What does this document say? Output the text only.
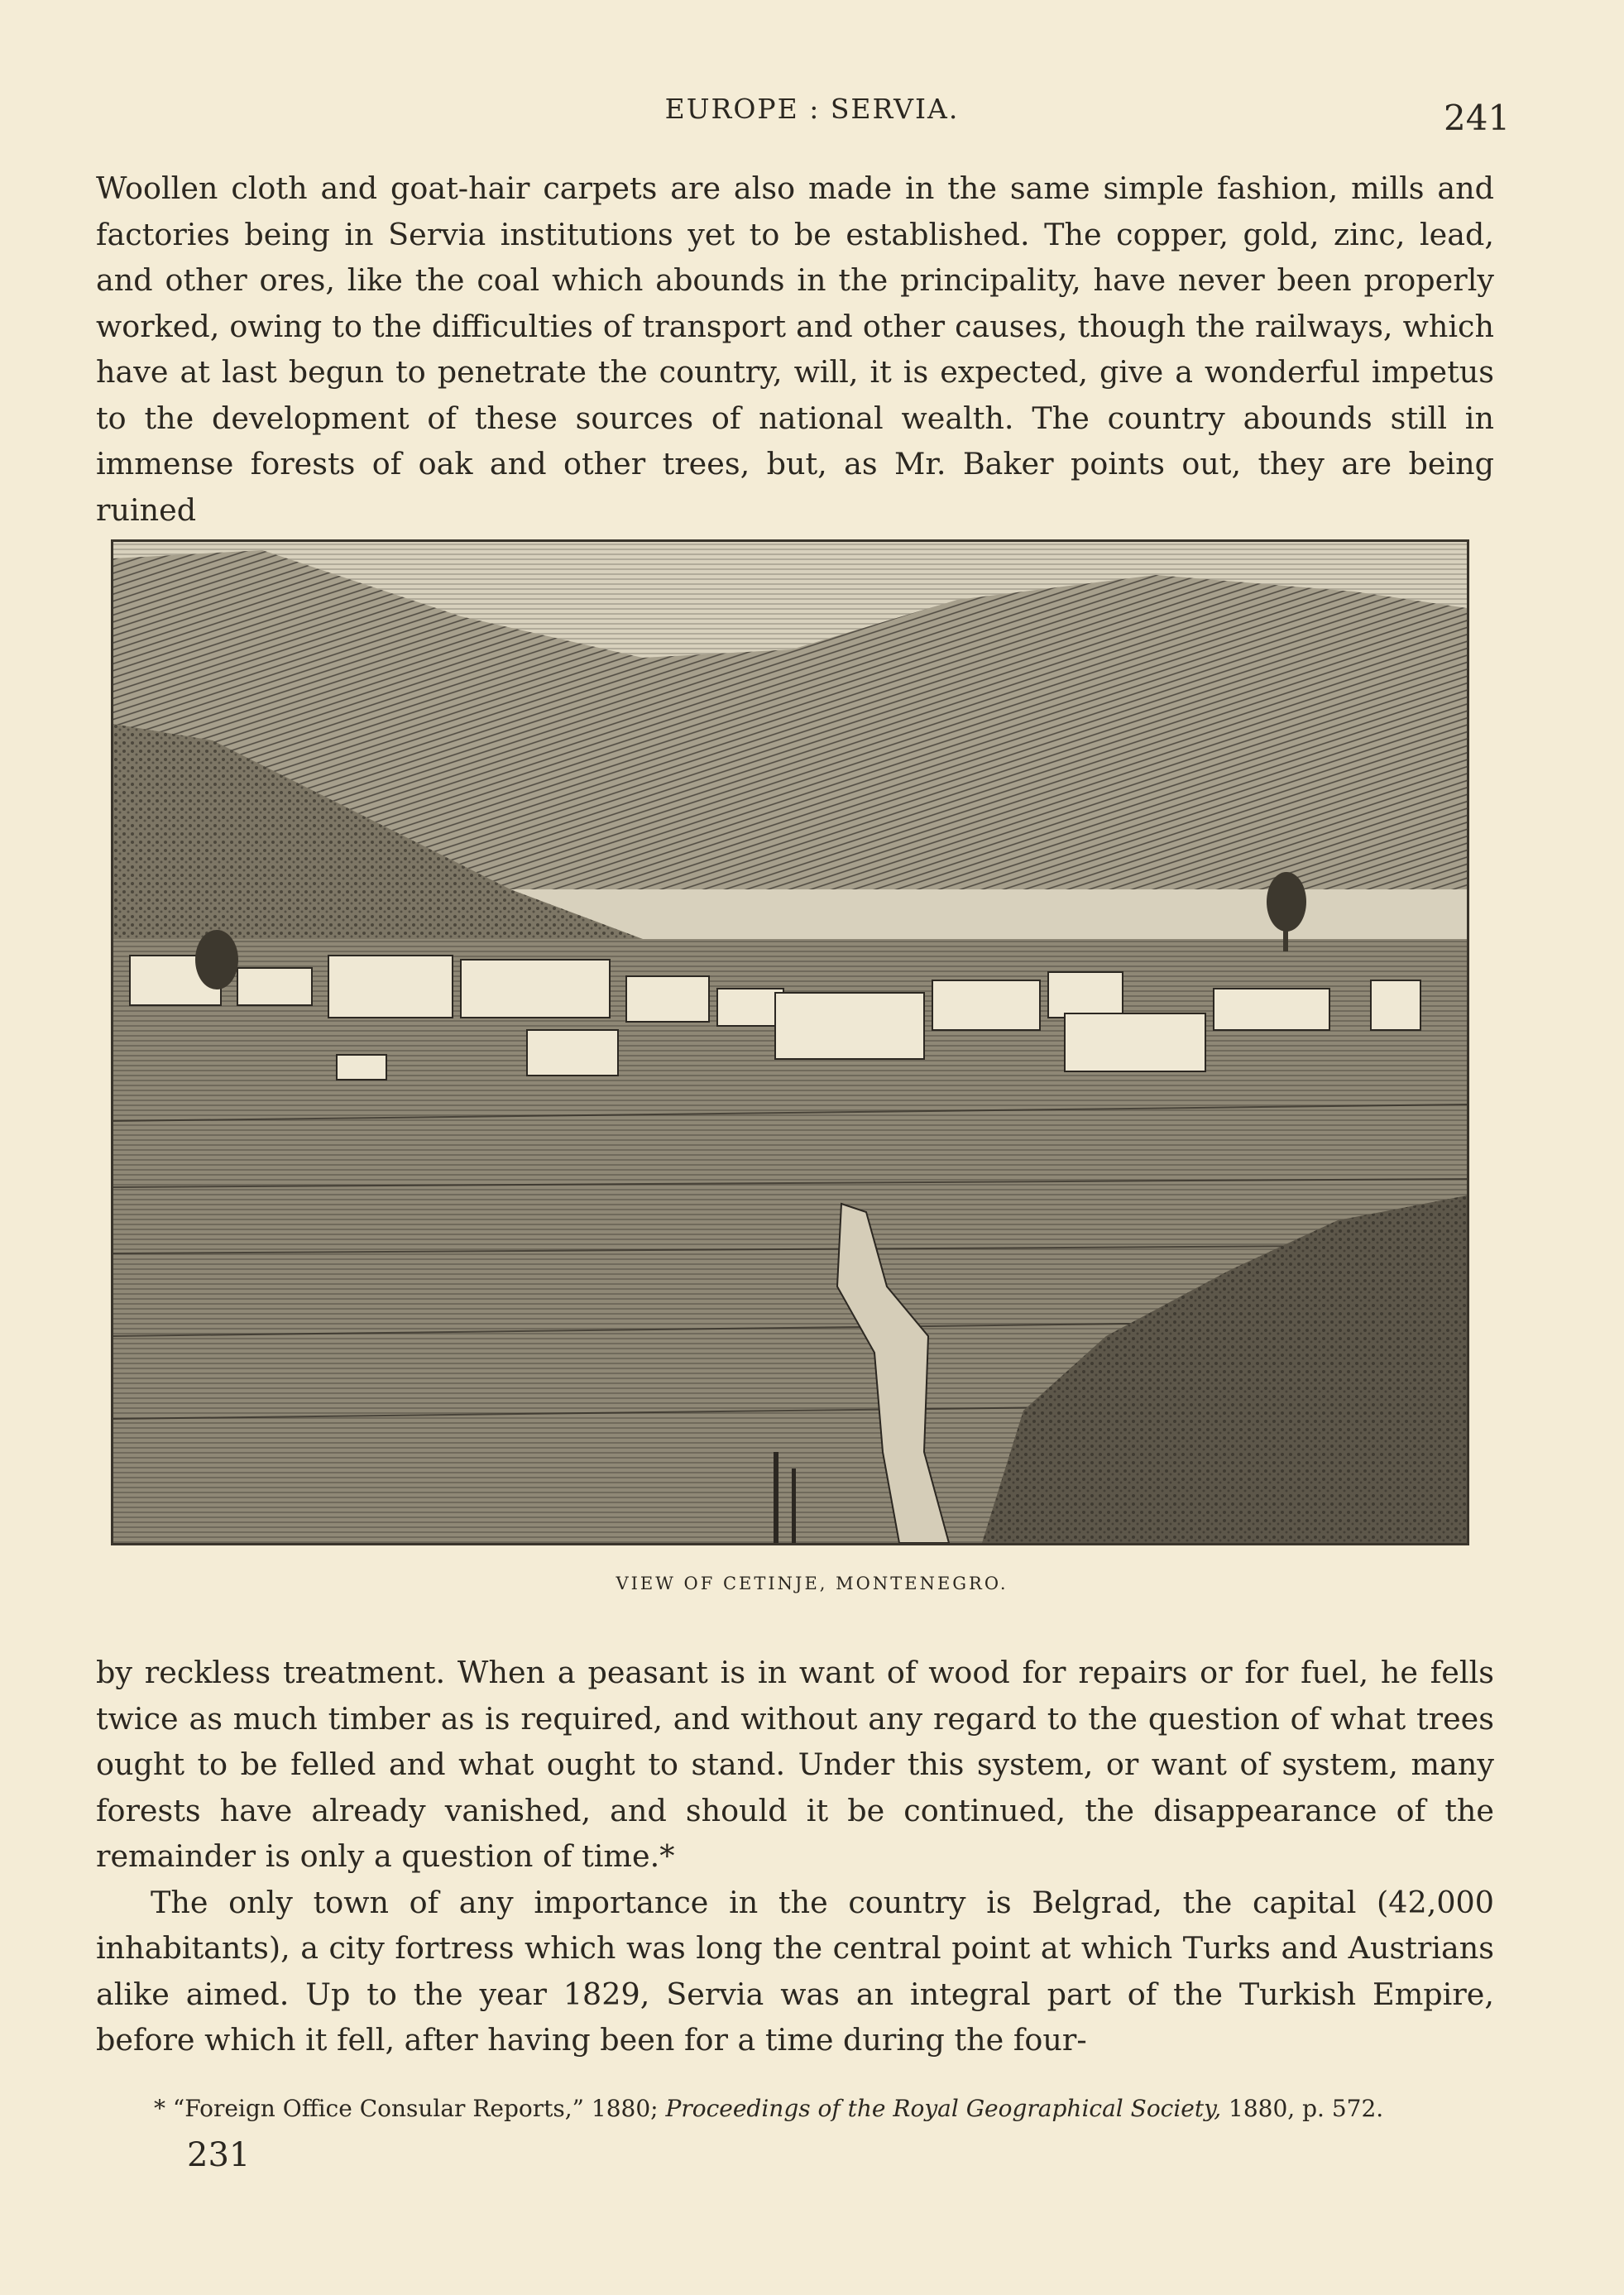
EUROPE : SERVIA.	241

Woollen cloth and goat-hair carpets are also made in the same simple fashion, mills and factories being in Servia institutions yet to be established. The copper, gold, zinc, lead, and other ores, like the coal which abounds in the principality, have never been properly worked, owing to the difficulties of transport and other causes, though the railways, which have at last begun to penetrate the country, will, it is expected, give a wonderful impetus to the development of these sources of national wealth. The country abounds still in immense forests of oak and other trees, but, as Mr. Baker points out, they are being ruined

VIEW OF CETINJE, MONTENEGRO.
by reckless treatment. When a peasant is in want of wood for repairs or for fuel, he fells twice as much timber as is required, and without any regard to the question of what trees ought to be felled and what ought to stand. Under this system, or want of system, many forests have already vanished, and should it be continued, the disappearance of the remainder is only a question of time.*
The only town of any importance in the country is Belgrad, the capital (42,000 inhabitants), a city fortress which was long the central point at which Turks and Austrians alike aimed. Up to the year 1829, Servia was an integral part of the Turkish Empire, before which it fell, after having been for a time during the four-
* “Foreign Office Consular Reports,” 1880; Proceedings of the Royal Geographical Society, 1880, p. 572.
231
